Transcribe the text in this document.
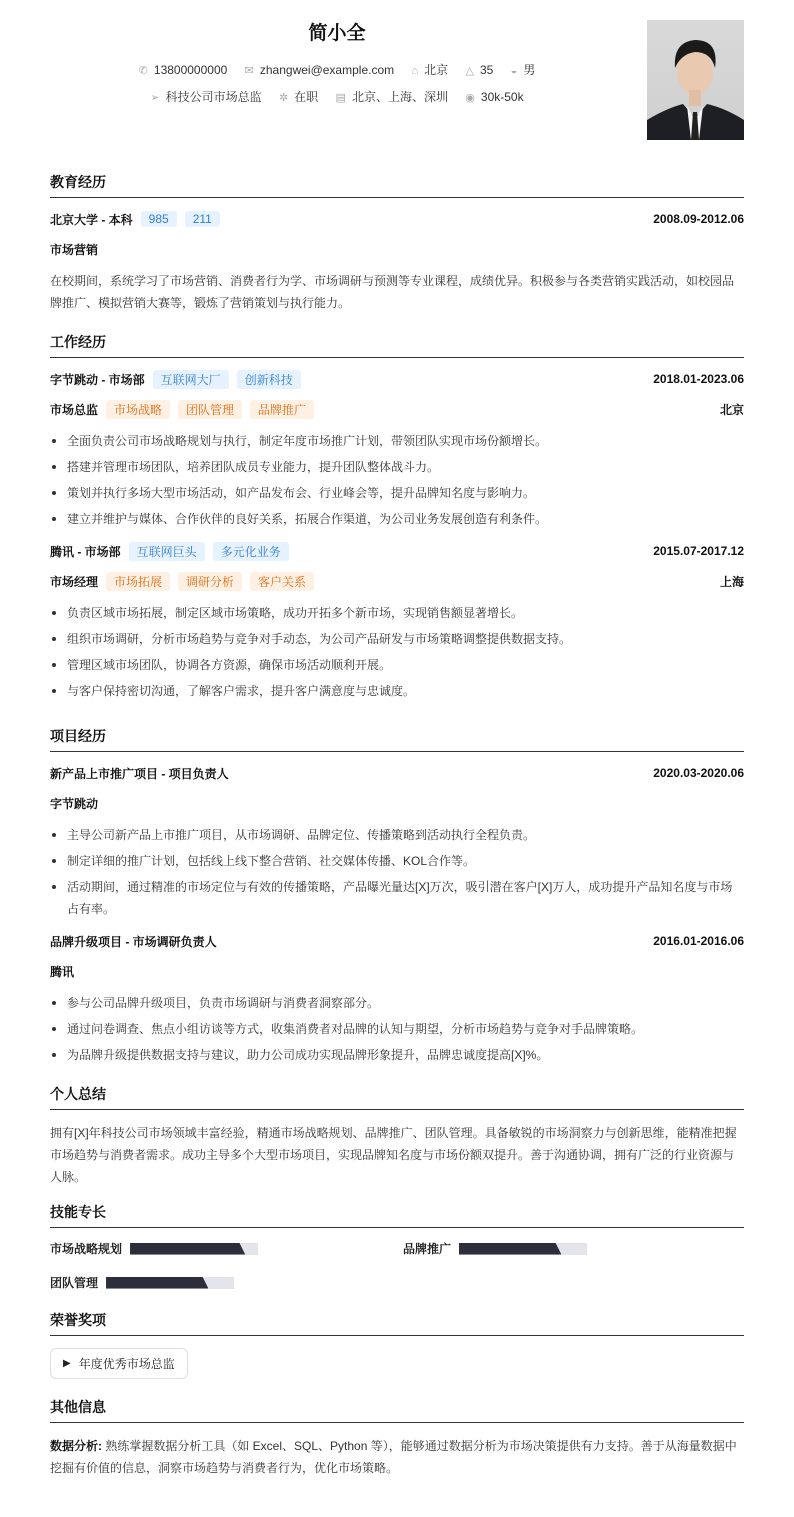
简小全
✆ 13800000000 ✉ zhangwei@example.com ⌂ 北京 △ 35 ◒ 男
➢ 科技公司市场总监 ✲ 在职 ▤ 北京、上海、深圳 ◉ 30k-50k
教育经历
北京大学 - 本科	985	211	2008.09-2012.06
市场营销
在校期间，系统学习了市场营销、消费者行为学、市场调研与预测等专业课程，成绩优异。积极参与各类营销实践活动，如校园品牌推广、模拟营销大赛等，锻炼了营销策划与执行能力。
工作经历
字节跳动 - 市场部	互联网大厂	创新科技	2018.01-2023.06
市场总监	市场战略	团队管理	品牌推广	北京
全面负责公司市场战略规划与执行，制定年度市场推广计划，带领团队实现市场份额增长。
搭建并管理市场团队，培养团队成员专业能力，提升团队整体战斗力。
策划并执行多场大型市场活动，如产品发布会、行业峰会等，提升品牌知名度与影响力。
建立并维护与媒体、合作伙伴的良好关系，拓展合作渠道，为公司业务发展创造有利条件。
腾讯 - 市场部	互联网巨头	多元化业务	2015.07-2017.12
市场经理	市场拓展	调研分析	客户关系	上海
负责区域市场拓展，制定区域市场策略，成功开拓多个新市场，实现销售额显著增长。
组织市场调研，分析市场趋势与竞争对手动态，为公司产品研发与市场策略调整提供数据支持。
管理区域市场团队，协调各方资源，确保市场活动顺利开展。
与客户保持密切沟通，了解客户需求，提升客户满意度与忠诚度。
项目经历
新产品上市推广项目 - 项目负责人	2020.03-2020.06
字节跳动
主导公司新产品上市推广项目，从市场调研、品牌定位、传播策略到活动执行全程负责。
制定详细的推广计划，包括线上线下整合营销、社交媒体传播、KOL合作等。
活动期间，通过精准的市场定位与有效的传播策略，产品曝光量达[X]万次，吸引潜在客户[X]万人，成功提升产品知名度与市场占有率。
品牌升级项目 - 市场调研负责人	2016.01-2016.06
腾讯
参与公司品牌升级项目，负责市场调研与消费者洞察部分。
通过问卷调查、焦点小组访谈等方式，收集消费者对品牌的认知与期望，分析市场趋势与竞争对手品牌策略。
为品牌升级提供数据支持与建议，助力公司成功实现品牌形象提升，品牌忠诚度提高[X]%。
个人总结
拥有[X]年科技公司市场领域丰富经验，精通市场战略规划、品牌推广、团队管理。具备敏锐的市场洞察力与创新思维，能精准把握市场趋势与消费者需求。成功主导多个大型市场项目，实现品牌知名度与市场份额双提升。善于沟通协调，拥有广泛的行业资源与人脉。
技能专长
市场战略规划	品牌推广
团队管理
荣誉奖项
▶ 年度优秀市场总监
其他信息
数据分析: 熟练掌握数据分析工具（如 Excel、SQL、Python 等），能够通过数据分析为市场决策提供有力支持。善于从海量数据中挖掘有价值的信息，洞察市场趋势与消费者行为，优化市场策略。
